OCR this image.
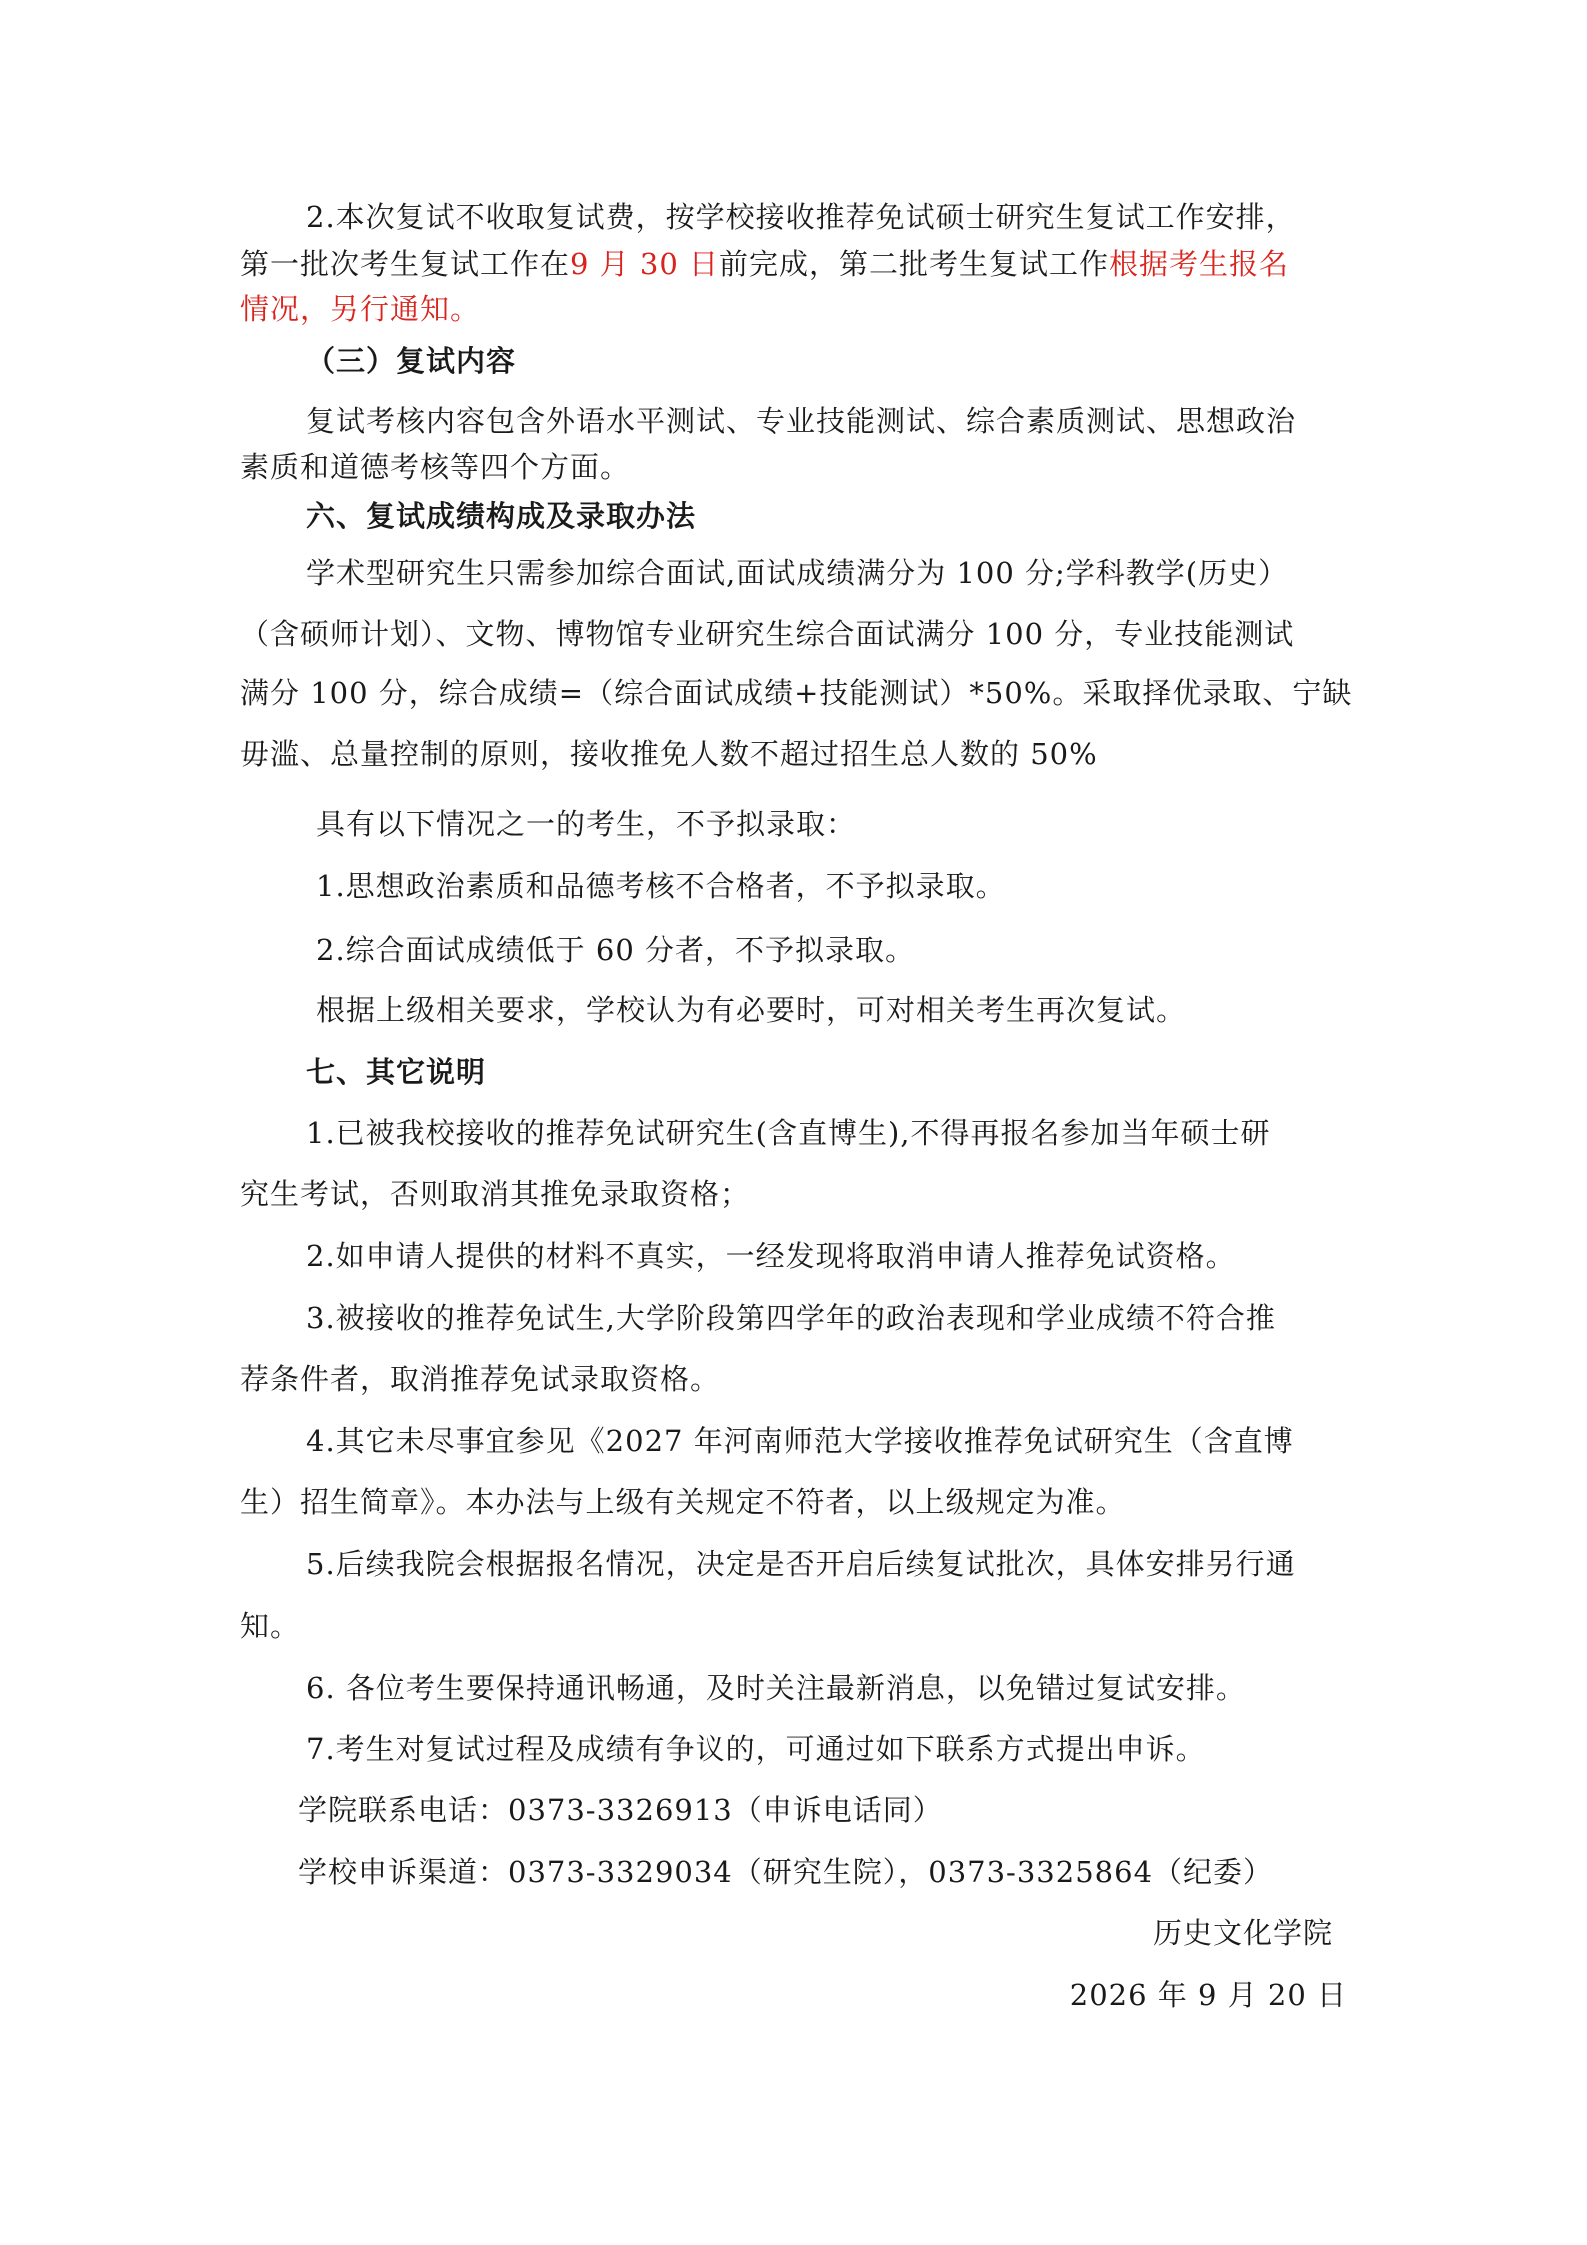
2.本次复试不收取复试费，按学校接收推荐免试硕士研究生复试工作安排，
第一批次考生复试工作在9 月 30 日前完成，第二批考生复试工作根据考生报名
情况，另行通知。
（三）复试内容
复试考核内容包含外语水平测试、专业技能测试、综合素质测试、思想政治
素质和道德考核等四个方面。
六、复试成绩构成及录取办法
学术型研究生只需参加综合面试,面试成绩满分为 100 分;学科教学(历史）
（含硕师计划）、文物、博物馆专业研究生综合面试满分 100 分，专业技能测试
满分 100 分，综合成绩=（综合面试成绩+技能测试）*50%。采取择优录取、宁缺
毋滥、总量控制的原则，接收推免人数不超过招生总人数的 50%
具有以下情况之一的考生，不予拟录取：
1.思想政治素质和品德考核不合格者，不予拟录取。
2.综合面试成绩低于 60 分者，不予拟录取。
根据上级相关要求，学校认为有必要时，可对相关考生再次复试。
七、其它说明
1.已被我校接收的推荐免试研究生(含直博生),不得再报名参加当年硕士研
究生考试，否则取消其推免录取资格；
2.如申请人提供的材料不真实，一经发现将取消申请人推荐免试资格。
3.被接收的推荐免试生,大学阶段第四学年的政治表现和学业成绩不符合推
荐条件者，取消推荐免试录取资格。
4.其它未尽事宜参见《2027 年河南师范大学接收推荐免试研究生（含直博
生）招生简章》。本办法与上级有关规定不符者，以上级规定为准。
5.后续我院会根据报名情况，决定是否开启后续复试批次，具体安排另行通
知。
6. 各位考生要保持通讯畅通，及时关注最新消息，以免错过复试安排。
7.考生对复试过程及成绩有争议的，可通过如下联系方式提出申诉。
学院联系电话：0373-3326913（申诉电话同）
学校申诉渠道：0373-3329034（研究生院），0373-3325864（纪委）
历史文化学院
2026 年 9 月 20 日
